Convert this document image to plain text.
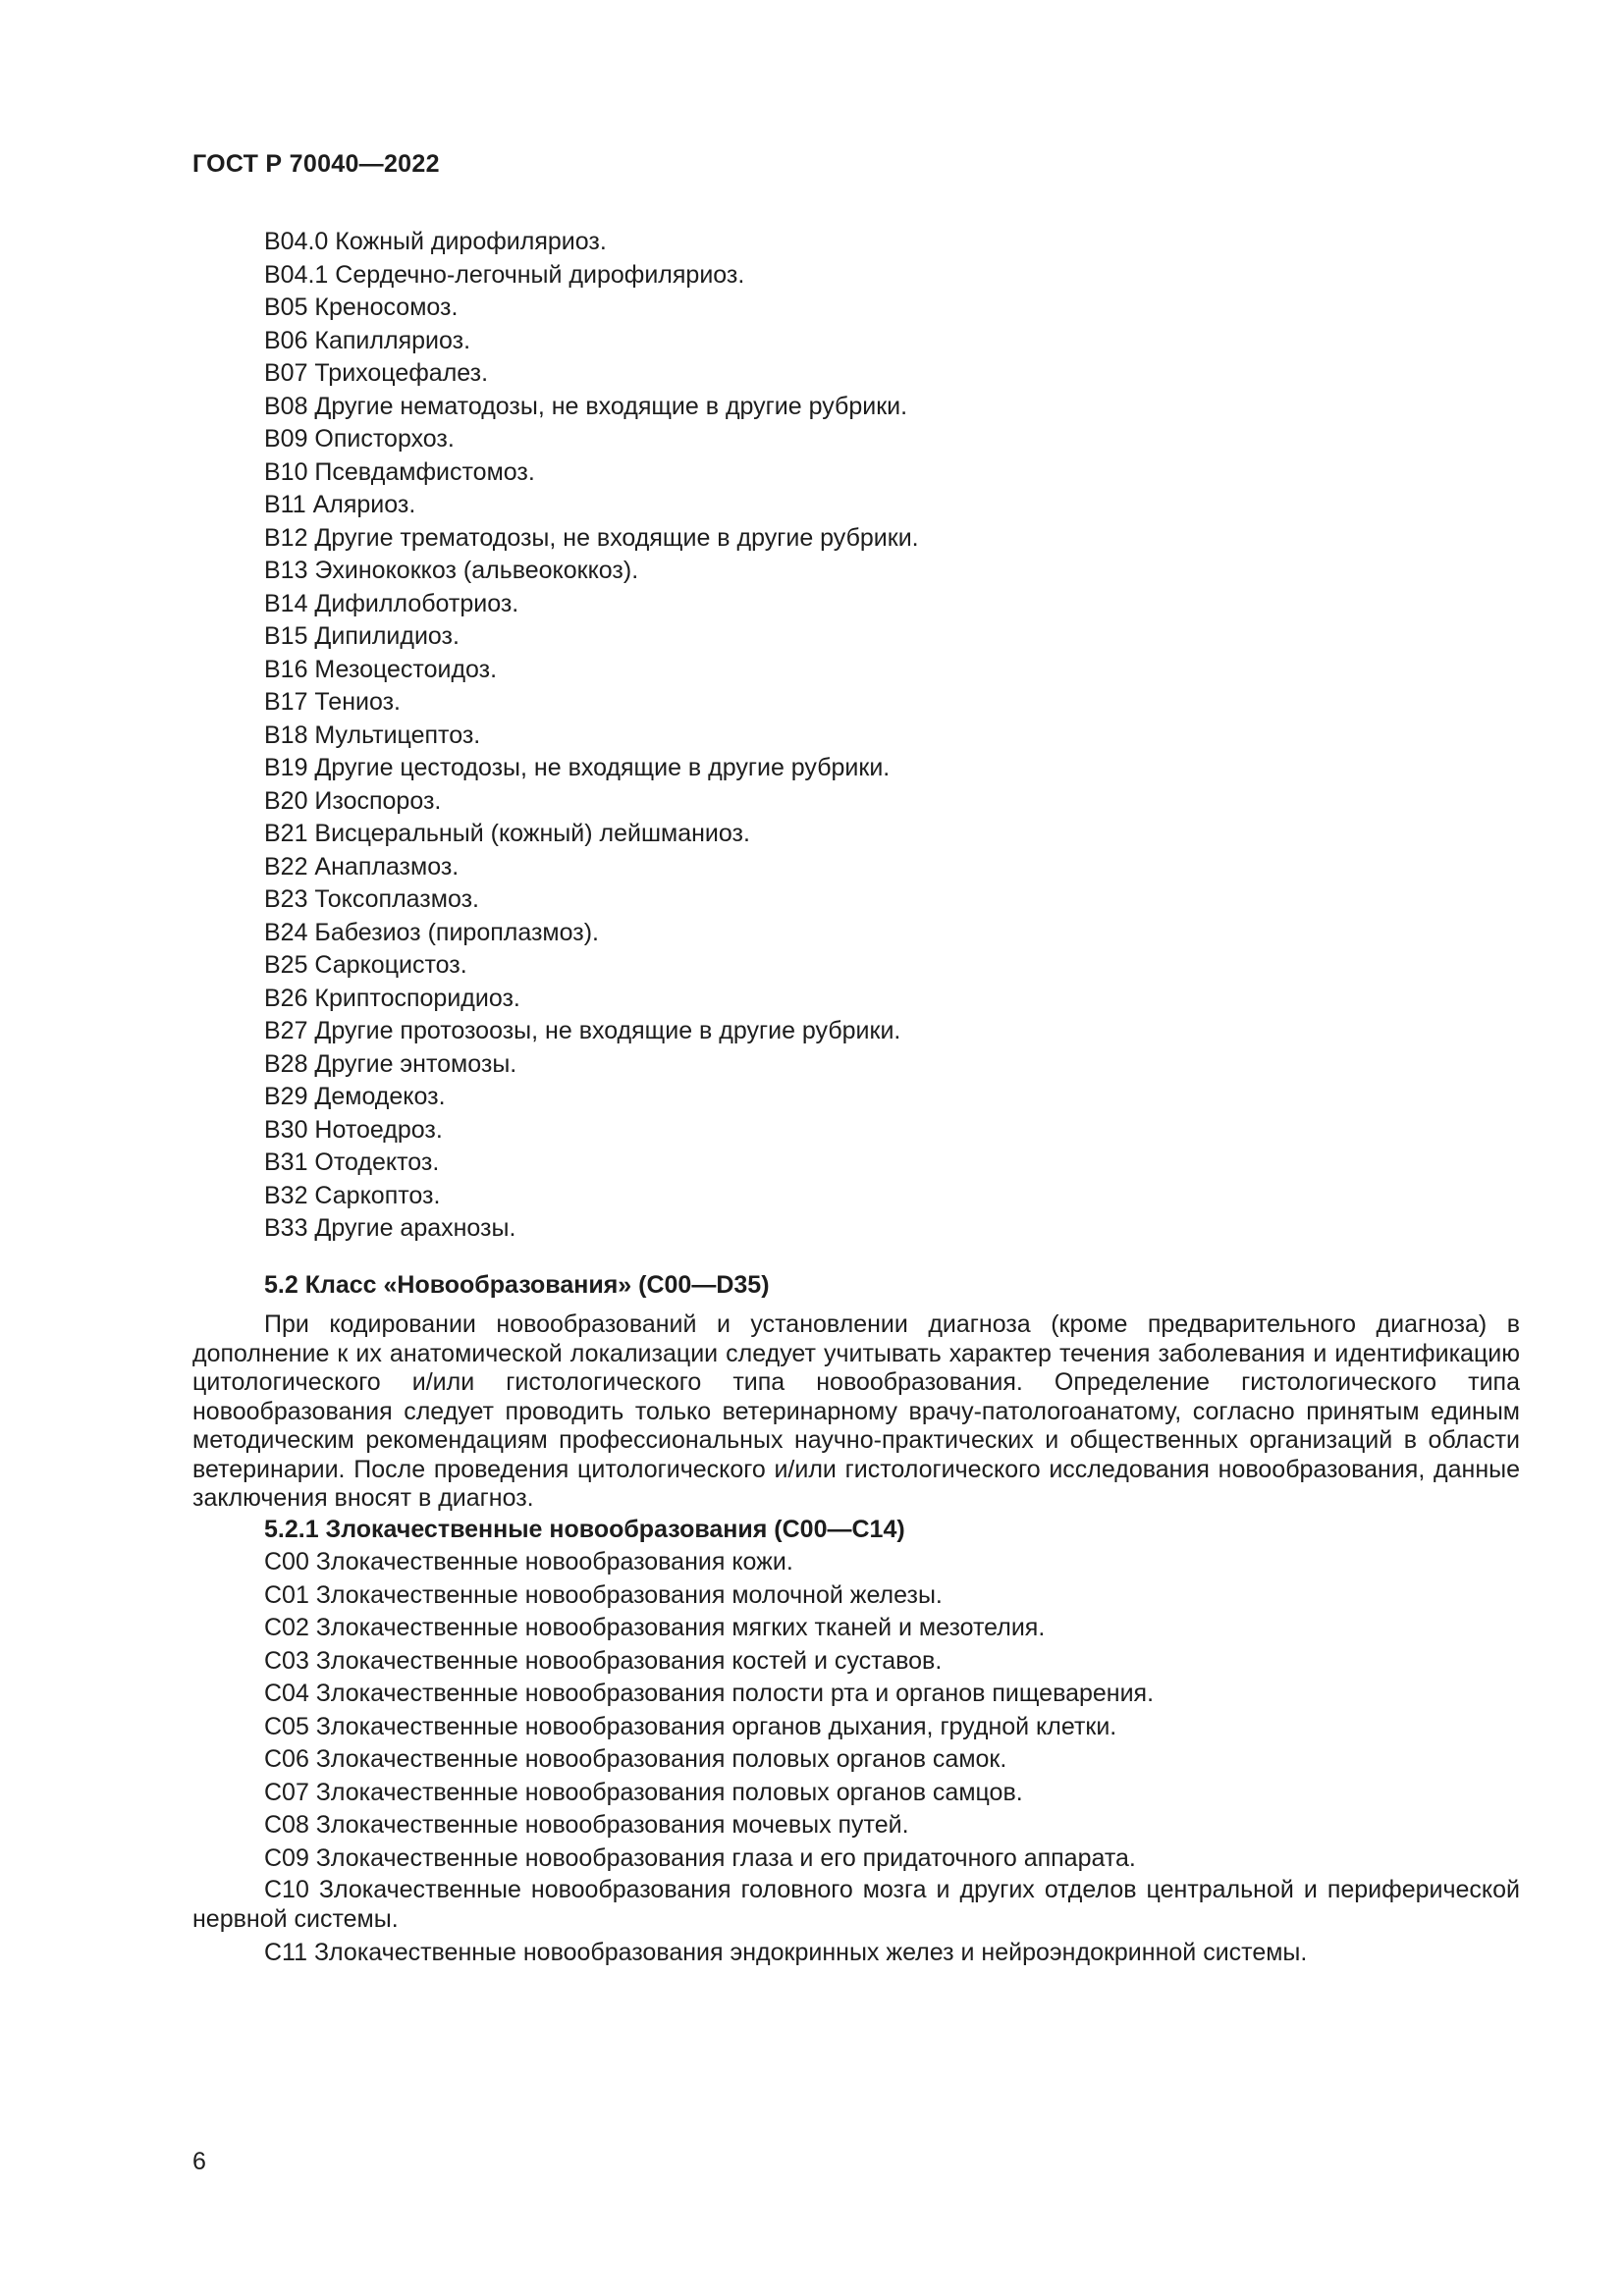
ГОСТ Р 70040—2022
B04.0 Кожный дирофиляриоз.
B04.1 Сердечно-легочный дирофиляриоз.
B05 Креносомоз.
B06 Капилляриоз.
B07 Трихоцефалез.
B08 Другие нематодозы, не входящие в другие рубрики.
B09 Описторхоз.
B10 Псевдамфистомоз.
B11 Аляриоз.
B12 Другие трематодозы, не входящие в другие рубрики.
B13 Эхинококкоз (альвеококкоз).
B14 Дифиллоботриоз.
B15 Дипилидиоз.
B16 Мезоцестоидоз.
B17 Тениоз.
B18 Мультицептоз.
B19 Другие цестодозы, не входящие в другие рубрики.
B20 Изоспороз.
B21 Висцеральный (кожный) лейшманиоз.
B22 Анаплазмоз.
B23 Токсоплазмоз.
B24 Бабезиоз (пироплазмоз).
B25 Саркоцистоз.
B26 Криптоспоридиоз.
B27 Другие протозоозы, не входящие в другие рубрики.
B28 Другие энтомозы.
B29 Демодекоз.
B30 Нотоедроз.
B31 Отодектоз.
B32 Саркоптоз.
B33 Другие арахнозы.
5.2 Класс «Новообразования» (С00—D35)

При кодировании новообразований и установлении диагноза (кроме предварительного диагноза) в дополнение к их анатомической локализации следует учитывать характер течения заболевания и идентификацию цитологического и/или гистологического типа новообразования. Определение гистологического типа новообразования следует проводить только ветеринарному врачу-патологоанатому, согласно принятым единым методическим рекомендациям профессиональных научно-практических и общественных организаций в области ветеринарии. После проведения цитологического и/или гистологического исследования новообразования, данные заключения вносят в диагноз.

5.2.1 Злокачественные новообразования (С00—С14)
С00 Злокачественные новообразования кожи.
С01 Злокачественные новообразования молочной железы.
С02 Злокачественные новообразования мягких тканей и мезотелия.
С03 Злокачественные новообразования костей и суставов.
С04 Злокачественные новообразования полости рта и органов пищеварения.
С05 Злокачественные новообразования органов дыхания, грудной клетки.
С06 Злокачественные новообразования половых органов самок.
С07 Злокачественные новообразования половых органов самцов.
С08 Злокачественные новообразования мочевых путей.
С09 Злокачественные новообразования глаза и его придаточного аппарата.
С10 Злокачественные новообразования головного мозга и других отделов центральной и периферической нервной системы.
С11 Злокачественные новообразования эндокринных желез и нейроэндокринной системы.
6
